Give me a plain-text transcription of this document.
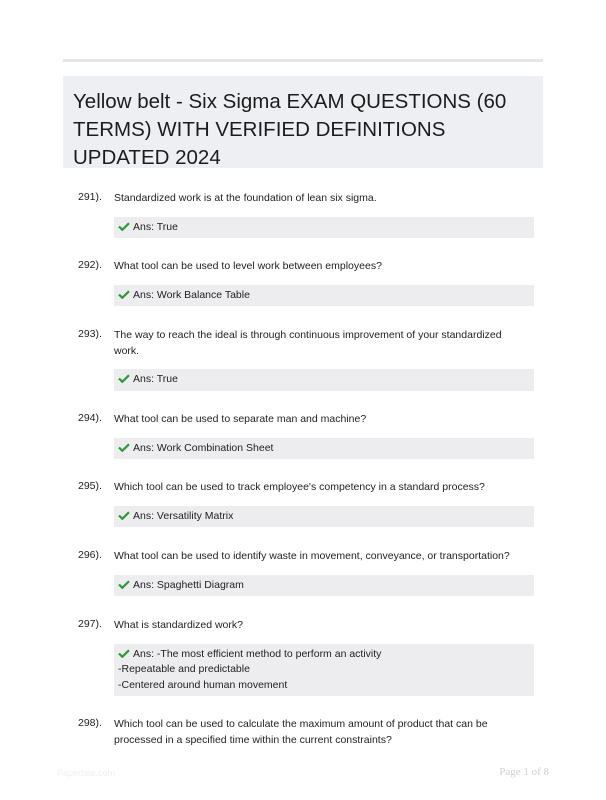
Yellow belt - Six Sigma EXAM QUESTIONS (60 TERMS) WITH VERIFIED DEFINITIONS UPDATED 2024
291). Standardized work is at the foundation of lean six sigma.
Ans: True
292). What tool can be used to level work between employees?
Ans: Work Balance Table
293). The way to reach the ideal is through continuous improvement of your standardized work.
Ans: True
294). What tool can be used to separate man and machine?
Ans: Work Combination Sheet
295). Which tool can be used to track employee's competency in a standard process?
Ans: Versatility Matrix
296). What tool can be used to identify waste in movement, conveyance, or transportation?
Ans: Spaghetti Diagram
297). What is standardized work?
Ans: -The most efficient method to perform an activity
-Repeatable and predictable
-Centered around human movement
298). Which tool can be used to calculate the maximum amount of product that can be processed in a specified time within the current constraints?
Paperbite.com	Page 1 of 8
